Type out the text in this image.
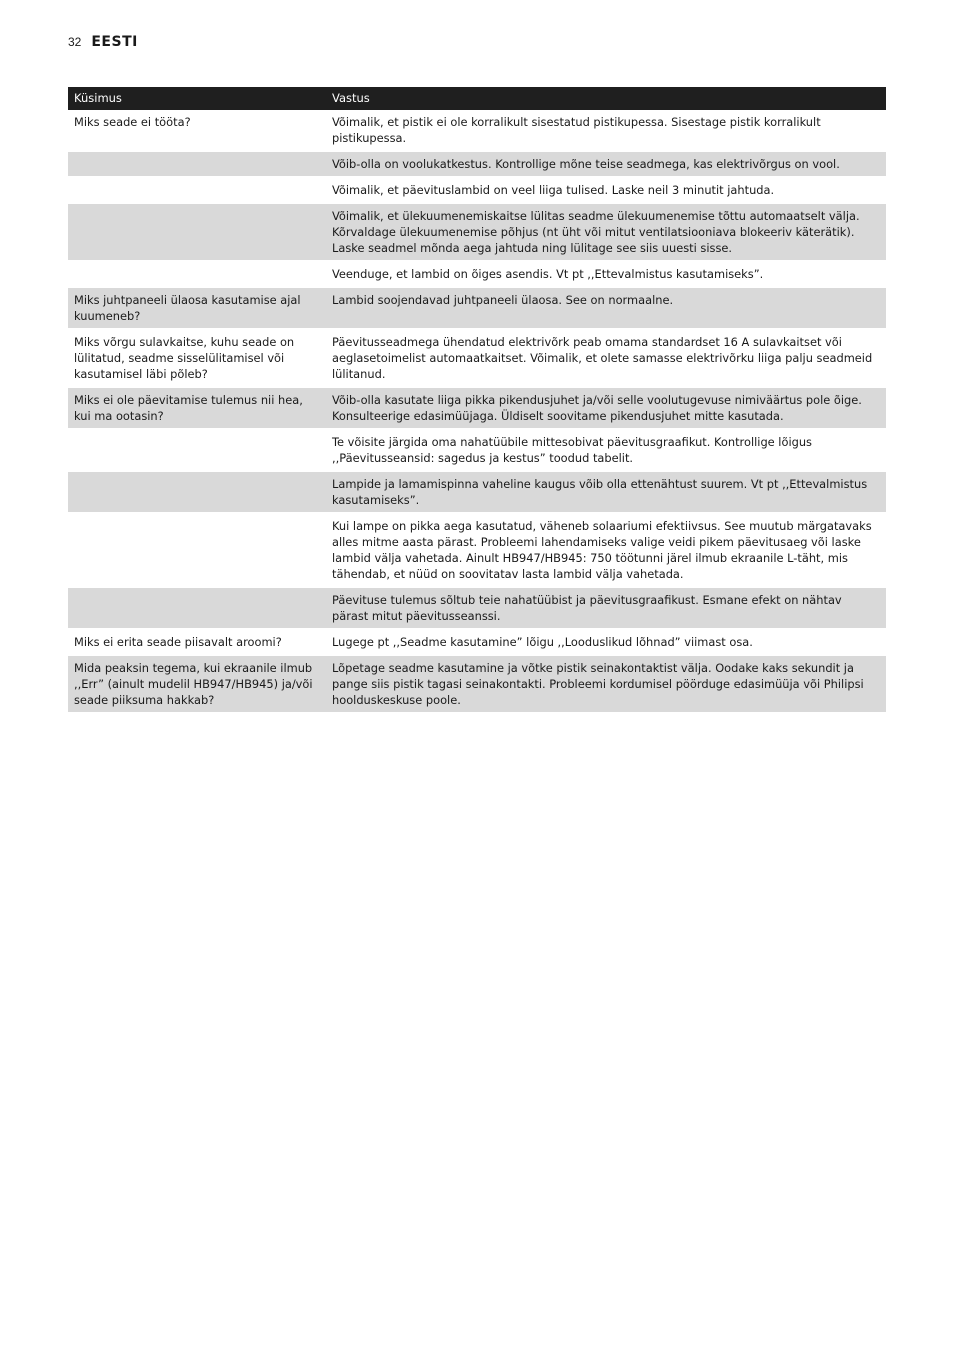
32 EESTI
Küsimus	Vastus
Miks seade ei tööta?	Võimalik, et pistik ei ole korralikult sisestatud pistikupessa. Sisestage pistik korralikult pistikupessa.
	Võib-olla on voolukatkestus. Kontrollige mõne teise seadmega, kas elektrivõrgus on vool.
	Võimalik, et päevituslambid on veel liiga tulised. Laske neil 3 minutit jahtuda.
	Võimalik, et ülekuumenemiskaitse lülitas seadme ülekuumenemise tõttu automaatselt välja. Kõrvaldage ülekuumenemise põhjus (nt üht või mitut ventilatsiooniava blokeeriv käterätik). Laske seadmel mõnda aega jahtuda ning lülitage see siis uuesti sisse.
	Veenduge, et lambid on õiges asendis. Vt pt ,,Ettevalmistus kasutamiseks”.
Miks juhtpaneeli ülaosa kasutamise ajal kuumeneb?	Lambid soojendavad juhtpaneeli ülaosa. See on normaalne.
Miks võrgu sulavkaitse, kuhu seade on lülitatud, seadme sisselülitamisel või kasutamisel läbi põleb?	Päevitusseadmega ühendatud elektrivõrk peab omama standardset 16 A sulavkaitset või aeglasetoimelist automaatkaitset. Võimalik, et olete samasse elektrivõrku liiga palju seadmeid lülitanud.
Miks ei ole päevitamise tulemus nii hea, kui ma ootasin?	Võib-olla kasutate liiga pikka pikendusjuhet ja/või selle voolutugevuse nimiväärtus pole õige. Konsulteerige edasimüüjaga. Üldiselt soovitame pikendusjuhet mitte kasutada.
	Te võisite järgida oma nahatüübile mittesobivat päevitusgraafikut. Kontrollige lõigus ,,Päevitusseansid: sagedus ja kestus” toodud tabelit.
	Lampide ja lamamispinna vaheline kaugus võib olla ettenähtust suurem. Vt pt ,,Ettevalmistus kasutamiseks”.
	Kui lampe on pikka aega kasutatud, väheneb solaariumi efektiivsus. See muutub märgatavaks alles mitme aasta pärast. Probleemi lahendamiseks valige veidi pikem päevitusaeg või laske lambid välja vahetada. Ainult HB947/HB945: 750 töötunni järel ilmub ekraanile L-täht, mis tähendab, et nüüd on soovitatav lasta lambid välja vahetada.
	Päevituse tulemus sõltub teie nahatüübist ja päevitusgraafikust. Esmane efekt on nähtav pärast mitut päevitusseanssi.
Miks ei erita seade piisavalt aroomi?	Lugege pt ,,Seadme kasutamine” lõigu ,,Looduslikud lõhnad” viimast osa.
Mida peaksin tegema, kui ekraanile ilmub ,,Err” (ainult mudelil HB947/HB945) ja/või seade piiksuma hakkab?	Lõpetage seadme kasutamine ja võtke pistik seinakontaktist välja. Oodake kaks sekundit ja pange siis pistik tagasi seinakontakti. Probleemi kordumisel pöörduge edasimüüja või Philipsi hoolduskeskuse poole.
